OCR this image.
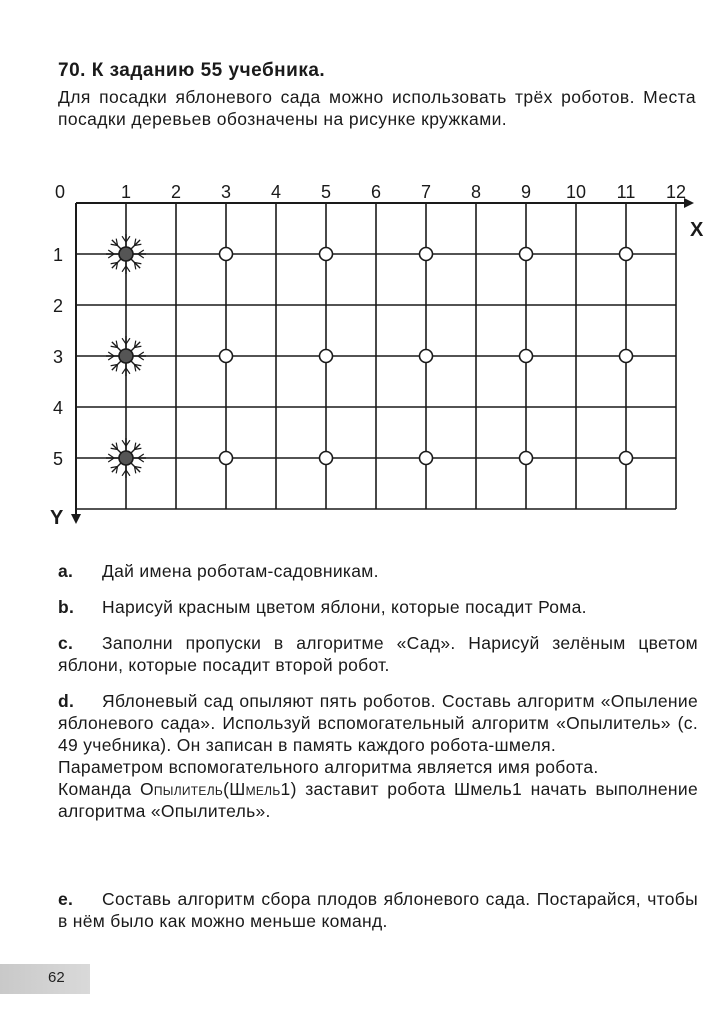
70. К заданию 55 учебника.
Для посадки яблоневого сада можно использовать трёх роботов. Места посадки деревьев обозначены на рисунке кружками.
0	1 2 3 4 5 6 7 8 9 10 11 12
1
2
3
4
5
X
Y
a. Дай имена роботам-садовникам.
b. Нарисуй красным цветом яблони, которые посадит Рома.
c. Заполни пропуски в алгоритме «Сад». Нарисуй зелёным цветом яблони, которые посадит второй робот.

d. Яблоневый сад опыляют пять роботов. Составь алгоритм «Опыление яблоневого сада». Используй вспомогательный алгоритм «Опылитель» (с. 49 учебника). Он записан в память каждого робота-шмеля.

Параметром вспомогательного алгоритма является имя робота.

Команда Опылитель(Шмель1) заставит робота Шмель1 начать выполнение алгоритма «Опылитель».

e. Составь алгоритм сбора плодов яблоневого сада. Постарайся, чтобы в нём было как можно меньше команд.
62
